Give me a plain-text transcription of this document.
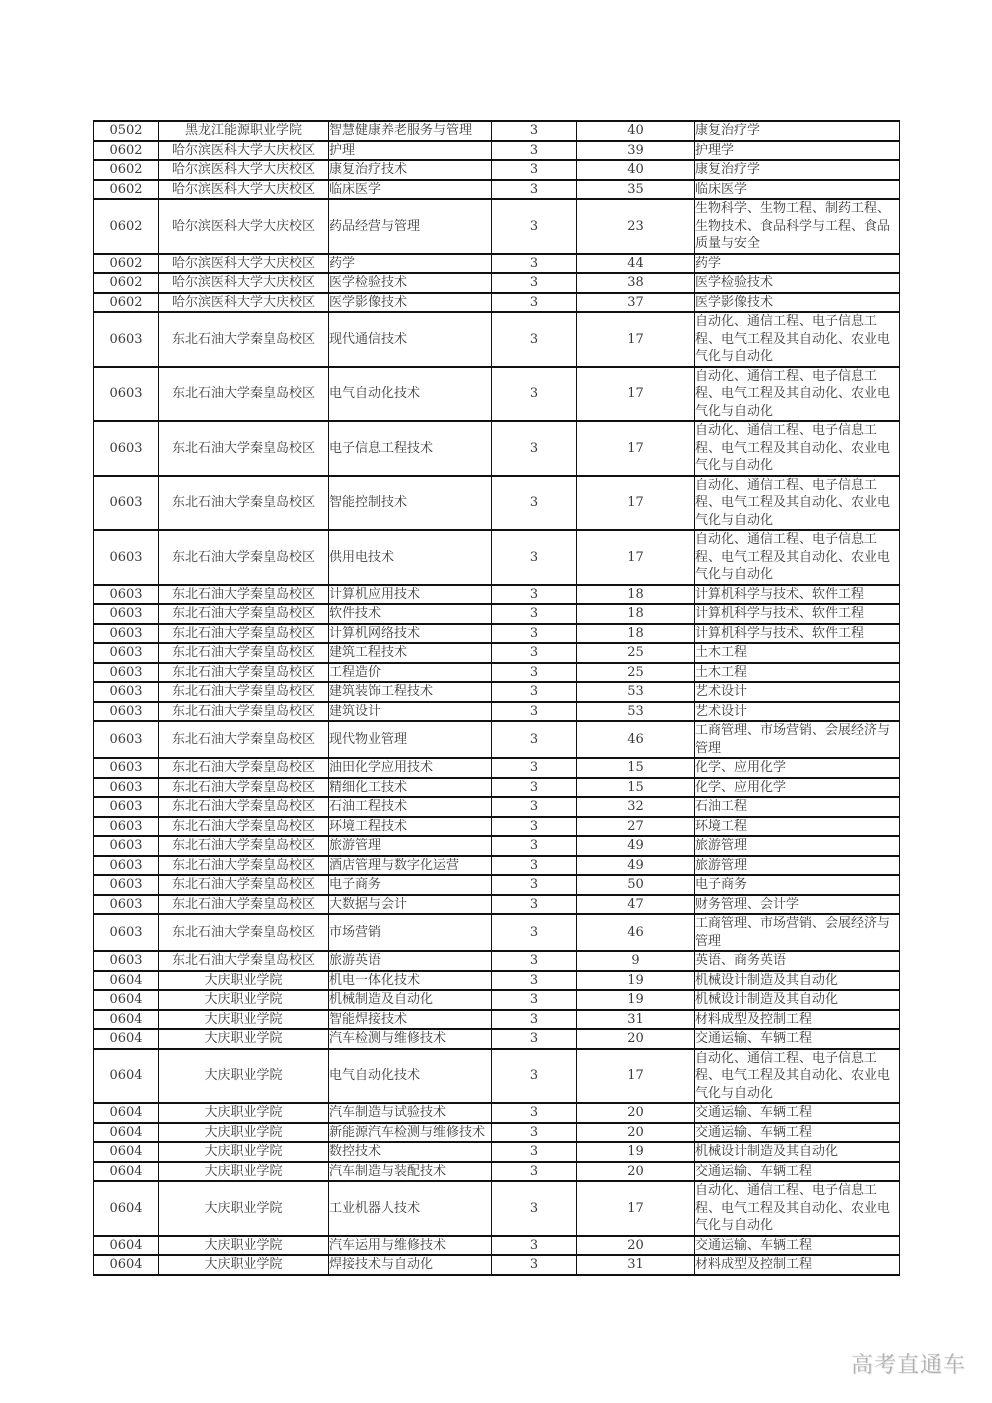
0502	黑龙江能源职业学院	智慧健康养老服务与管理	3	40	康复治疗学
0602	哈尔滨医科大学大庆校区	护理	3	39	护理学
0602	哈尔滨医科大学大庆校区	康复治疗技术	3	40	康复治疗学
0602	哈尔滨医科大学大庆校区	临床医学	3	35	临床医学
0602	哈尔滨医科大学大庆校区	药品经营与管理	3	23	生物科学、生物工程、制药工程、生物技术、食品科学与工程、食品质量与安全
0602	哈尔滨医科大学大庆校区	药学	3	44	药学
0602	哈尔滨医科大学大庆校区	医学检验技术	3	38	医学检验技术
0602	哈尔滨医科大学大庆校区	医学影像技术	3	37	医学影像技术
0603	东北石油大学秦皇岛校区	现代通信技术	3	17	自动化、通信工程、电子信息工程、电气工程及其自动化、农业电气化与自动化
0603	东北石油大学秦皇岛校区	电气自动化技术	3	17	自动化、通信工程、电子信息工程、电气工程及其自动化、农业电气化与自动化
0603	东北石油大学秦皇岛校区	电子信息工程技术	3	17	自动化、通信工程、电子信息工程、电气工程及其自动化、农业电气化与自动化
0603	东北石油大学秦皇岛校区	智能控制技术	3	17	自动化、通信工程、电子信息工程、电气工程及其自动化、农业电气化与自动化
0603	东北石油大学秦皇岛校区	供用电技术	3	17	自动化、通信工程、电子信息工程、电气工程及其自动化、农业电气化与自动化
0603	东北石油大学秦皇岛校区	计算机应用技术	3	18	计算机科学与技术、软件工程
0603	东北石油大学秦皇岛校区	软件技术	3	18	计算机科学与技术、软件工程
0603	东北石油大学秦皇岛校区	计算机网络技术	3	18	计算机科学与技术、软件工程
0603	东北石油大学秦皇岛校区	建筑工程技术	3	25	土木工程
0603	东北石油大学秦皇岛校区	工程造价	3	25	土木工程
0603	东北石油大学秦皇岛校区	建筑装饰工程技术	3	53	艺术设计
0603	东北石油大学秦皇岛校区	建筑设计	3	53	艺术设计
0603	东北石油大学秦皇岛校区	现代物业管理	3	46	工商管理、市场营销、会展经济与管理
0603	东北石油大学秦皇岛校区	油田化学应用技术	3	15	化学、应用化学
0603	东北石油大学秦皇岛校区	精细化工技术	3	15	化学、应用化学
0603	东北石油大学秦皇岛校区	石油工程技术	3	32	石油工程
0603	东北石油大学秦皇岛校区	环境工程技术	3	27	环境工程
0603	东北石油大学秦皇岛校区	旅游管理	3	49	旅游管理
0603	东北石油大学秦皇岛校区	酒店管理与数字化运营	3	49	旅游管理
0603	东北石油大学秦皇岛校区	电子商务	3	50	电子商务
0603	东北石油大学秦皇岛校区	大数据与会计	3	47	财务管理、会计学
0603	东北石油大学秦皇岛校区	市场营销	3	46	工商管理、市场营销、会展经济与管理
0603	东北石油大学秦皇岛校区	旅游英语	3	9	英语、商务英语
0604	大庆职业学院	机电一体化技术	3	19	机械设计制造及其自动化
0604	大庆职业学院	机械制造及自动化	3	19	机械设计制造及其自动化
0604	大庆职业学院	智能焊接技术	3	31	材料成型及控制工程
0604	大庆职业学院	汽车检测与维修技术	3	20	交通运输、车辆工程
0604	大庆职业学院	电气自动化技术	3	17	自动化、通信工程、电子信息工程、电气工程及其自动化、农业电气化与自动化
0604	大庆职业学院	汽车制造与试验技术	3	20	交通运输、车辆工程
0604	大庆职业学院	新能源汽车检测与维修技术	3	20	交通运输、车辆工程
0604	大庆职业学院	数控技术	3	19	机械设计制造及其自动化
0604	大庆职业学院	汽车制造与装配技术	3	20	交通运输、车辆工程
0604	大庆职业学院	工业机器人技术	3	17	自动化、通信工程、电子信息工程、电气工程及其自动化、农业电气化与自动化
0604	大庆职业学院	汽车运用与维修技术	3	20	交通运输、车辆工程
0604	大庆职业学院	焊接技术与自动化	3	31	材料成型及控制工程
高考直通车
